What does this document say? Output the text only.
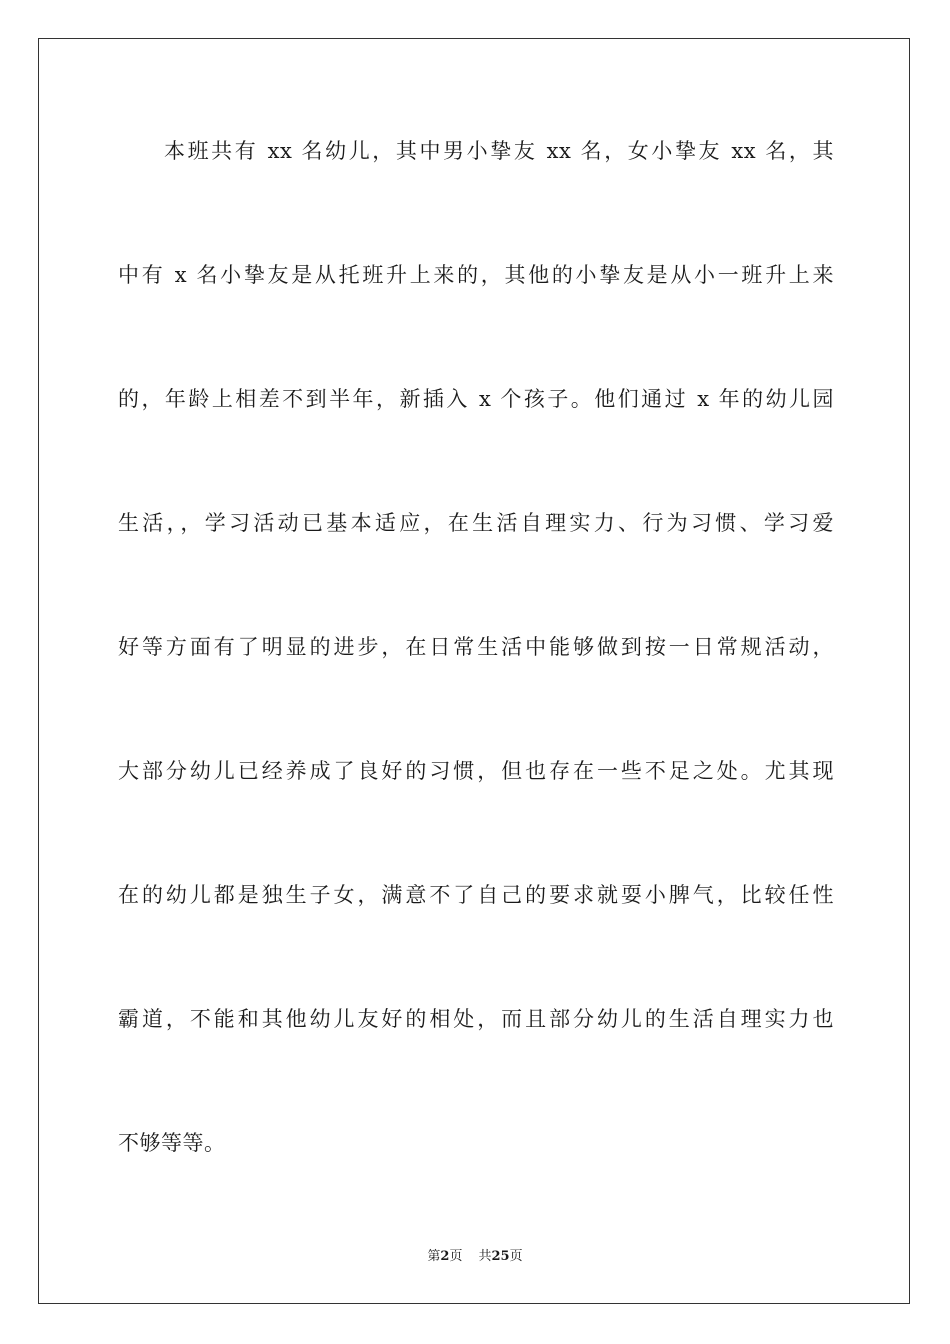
本班共有 xx 名幼儿，其中男小挚友 xx 名，女小挚友 xx 名，其
中有 x 名小挚友是从托班升上来的，其他的小挚友是从小一班升上来
的，年龄上相差不到半年，新插入 x 个孩子。他们通过 x 年的幼儿园
生活，，学习活动已基本适应，在生活自理实力、行为习惯、学习爱
好等方面有了明显的进步，在日常生活中能够做到按一日常规活动，
大部分幼儿已经养成了良好的习惯，但也存在一些不足之处。尤其现
在的幼儿都是独生子女，满意不了自己的要求就耍小脾气，比较任性
霸道，不能和其他幼儿友好的相处，而且部分幼儿的生活自理实力也
不够等等。
第2页 共25页
